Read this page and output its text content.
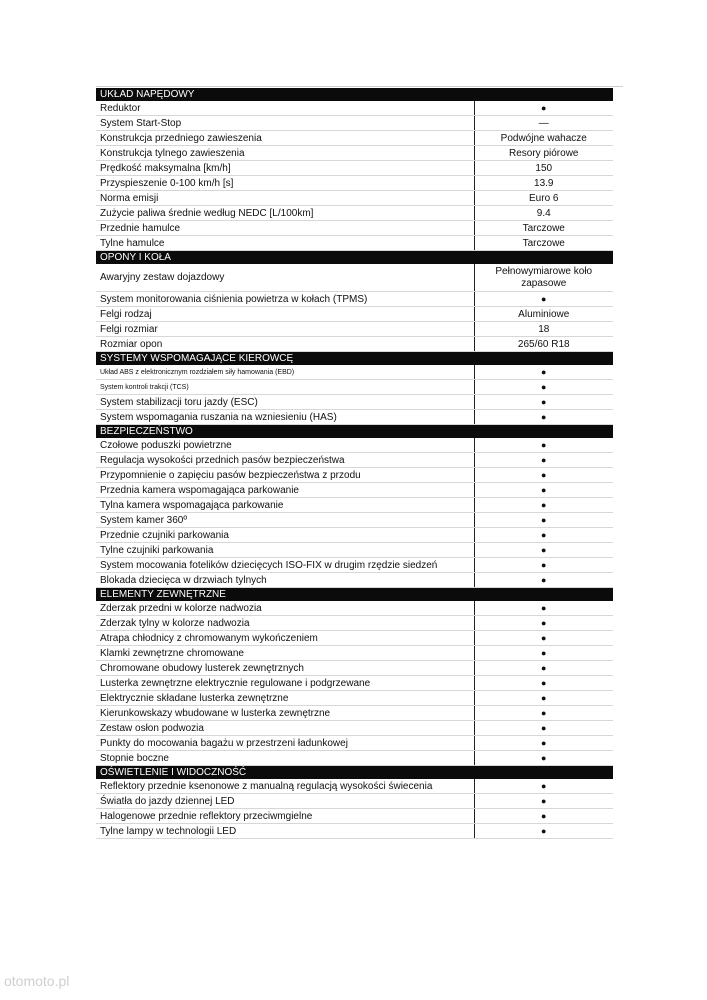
UKŁAD NAPĘDOWY	
Reduktor	●
System Start-Stop	—
Konstrukcja przedniego zawieszenia	Podwójne wahacze
Konstrukcja tylnego zawieszenia	Resory piórowe
Prędkość maksymalna [km/h]	150
Przyspieszenie 0-100 km/h [s]	13.9
Norma emisji	Euro 6
Zużycie paliwa średnie według NEDC [L/100km]	9.4
Przednie hamulce	Tarczowe
Tylne hamulce	Tarczowe
OPONY I KOŁA	
Awaryjny zestaw dojazdowy	Pełnowymiarowe koło zapasowe
System monitorowania ciśnienia powietrza w kołach (TPMS)	●
Felgi rodzaj	Aluminiowe
Felgi rozmiar	18
Rozmiar opon	265/60 R18
SYSTEMY WSPOMAGAJĄCE KIEROWCĘ	
Układ ABS z elektronicznym rozdziałem siły hamowania (EBD)	●
System kontroli trakcji (TCS)	●
System stabilizacji toru jazdy (ESC)	●
System wspomagania ruszania na wzniesieniu (HAS)	●
BEZPIECZEŃSTWO	
Czołowe poduszki powietrzne	●
Regulacja wysokości przednich pasów bezpieczeństwa	●
Przypomnienie o zapięciu pasów bezpieczeństwa z przodu	●
Przednia kamera wspomagająca parkowanie	●
Tylna kamera wspomagająca parkowanie	●
System kamer 360º	●
Przednie czujniki parkowania	●
Tylne czujniki parkowania	●
System mocowania fotelików dziecięcych ISO-FIX w drugim rzędzie siedzeń	●
Blokada dziecięca w drzwiach tylnych	●
ELEMENTY ZEWNĘTRZNE	
Zderzak przedni w kolorze nadwozia	●
Zderzak tylny w kolorze nadwozia	●
Atrapa chłodnicy z chromowanym wykończeniem	●
Klamki zewnętrzne chromowane	●
Chromowane obudowy lusterek zewnętrznych	●
Lusterka zewnętrzne elektrycznie regulowane i podgrzewane	●
Elektrycznie składane lusterka zewnętrzne	●
Kierunkowskazy wbudowane w lusterka zewnętrzne	●
Zestaw osłon podwozia	●
Punkty do mocowania bagażu w przestrzeni ładunkowej	●
Stopnie boczne	●
OŚWIETLENIE I WIDOCZNOŚĆ	
Reflektory przednie ksenonowe z manualną regulacją wysokości świecenia	●
Światła do jazdy dziennej LED	●
Halogenowe przednie reflektory przeciwmgielne	●
Tylne lampy w technologii LED	●
otomoto.pl
